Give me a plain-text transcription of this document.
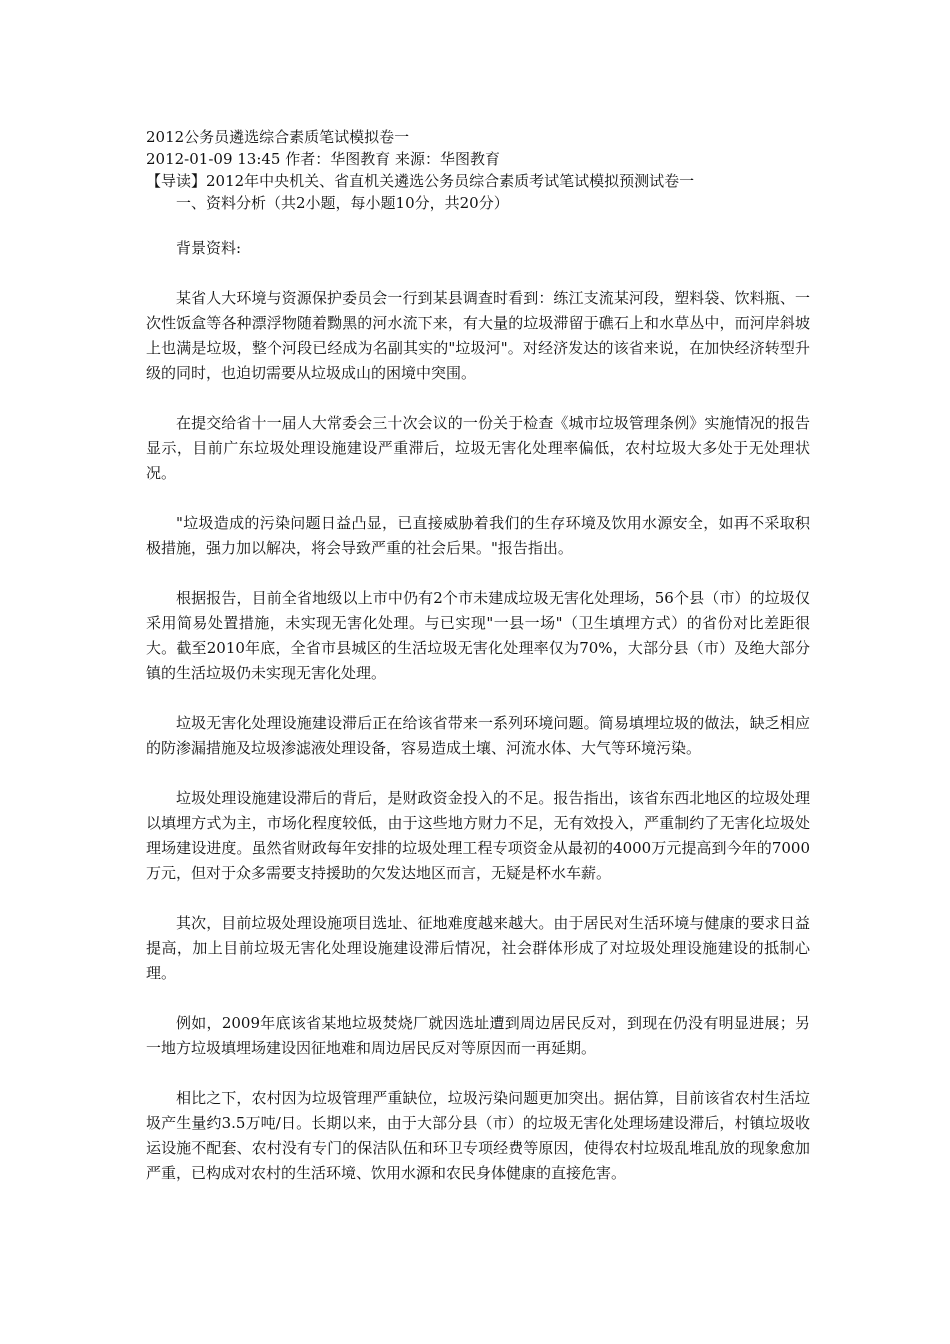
2012公务员遴选综合素质笔试模拟卷一

2012-01-09 13:45 作者：华图教育 来源：华图教育

【导读】2012年中央机关、省直机关遴选公务员综合素质考试笔试模拟预测试卷一

一、资料分析（共2小题，每小题10分，共20分）

背景资料:

某省人大环境与资源保护委员会一行到某县调查时看到：练江支流某河段，塑料袋、饮料瓶、一次性饭盒等各种漂浮物随着黝黑的河水流下来，有大量的垃圾滞留于礁石上和水草丛中，而河岸斜坡上也满是垃圾，整个河段已经成为名副其实的"垃圾河"。对经济发达的该省来说，在加快经济转型升级的同时，也迫切需要从垃圾成山的困境中突围。

在提交给省十一届人大常委会三十次会议的一份关于检查《城市垃圾管理条例》实施情况的报告显示，目前广东垃圾处理设施建设严重滞后，垃圾无害化处理率偏低，农村垃圾大多处于无处理状况。

"垃圾造成的污染问题日益凸显，已直接威胁着我们的生存环境及饮用水源安全，如再不采取积极措施，强力加以解决，将会导致严重的社会后果。"报告指出。

根据报告，目前全省地级以上市中仍有2个市未建成垃圾无害化处理场，56个县（市）的垃圾仅采用简易处置措施，未实现无害化处理。与已实现"一县一场"（卫生填埋方式）的省份对比差距很大。截至2010年底，全省市县城区的生活垃圾无害化处理率仅为70%，大部分县（市）及绝大部分镇的生活垃圾仍未实现无害化处理。

垃圾无害化处理设施建设滞后正在给该省带来一系列环境问题。简易填埋垃圾的做法，缺乏相应的防渗漏措施及垃圾渗滤液处理设备，容易造成土壤、河流水体、大气等环境污染。

垃圾处理设施建设滞后的背后，是财政资金投入的不足。报告指出，该省东西北地区的垃圾处理以填埋方式为主，市场化程度较低，由于这些地方财力不足，无有效投入，严重制约了无害化垃圾处理场建设进度。虽然省财政每年安排的垃圾处理工程专项资金从最初的4000万元提高到今年的7000万元，但对于众多需要支持援助的欠发达地区而言，无疑是杯水车薪。

其次，目前垃圾处理设施项目选址、征地难度越来越大。由于居民对生活环境与健康的要求日益提高，加上目前垃圾无害化处理设施建设滞后情况，社会群体形成了对垃圾处理设施建设的抵制心理。

例如，2009年底该省某地垃圾焚烧厂就因选址遭到周边居民反对，到现在仍没有明显进展；另一地方垃圾填埋场建设因征地难和周边居民反对等原因而一再延期。

相比之下，农村因为垃圾管理严重缺位，垃圾污染问题更加突出。据估算，目前该省农村生活垃圾产生量约3.5万吨/日。长期以来，由于大部分县（市）的垃圾无害化处理场建设滞后，村镇垃圾收运设施不配套、农村没有专门的保洁队伍和环卫专项经费等原因，使得农村垃圾乱堆乱放的现象愈加严重，已构成对农村的生活环境、饮用水源和农民身体健康的直接危害。
